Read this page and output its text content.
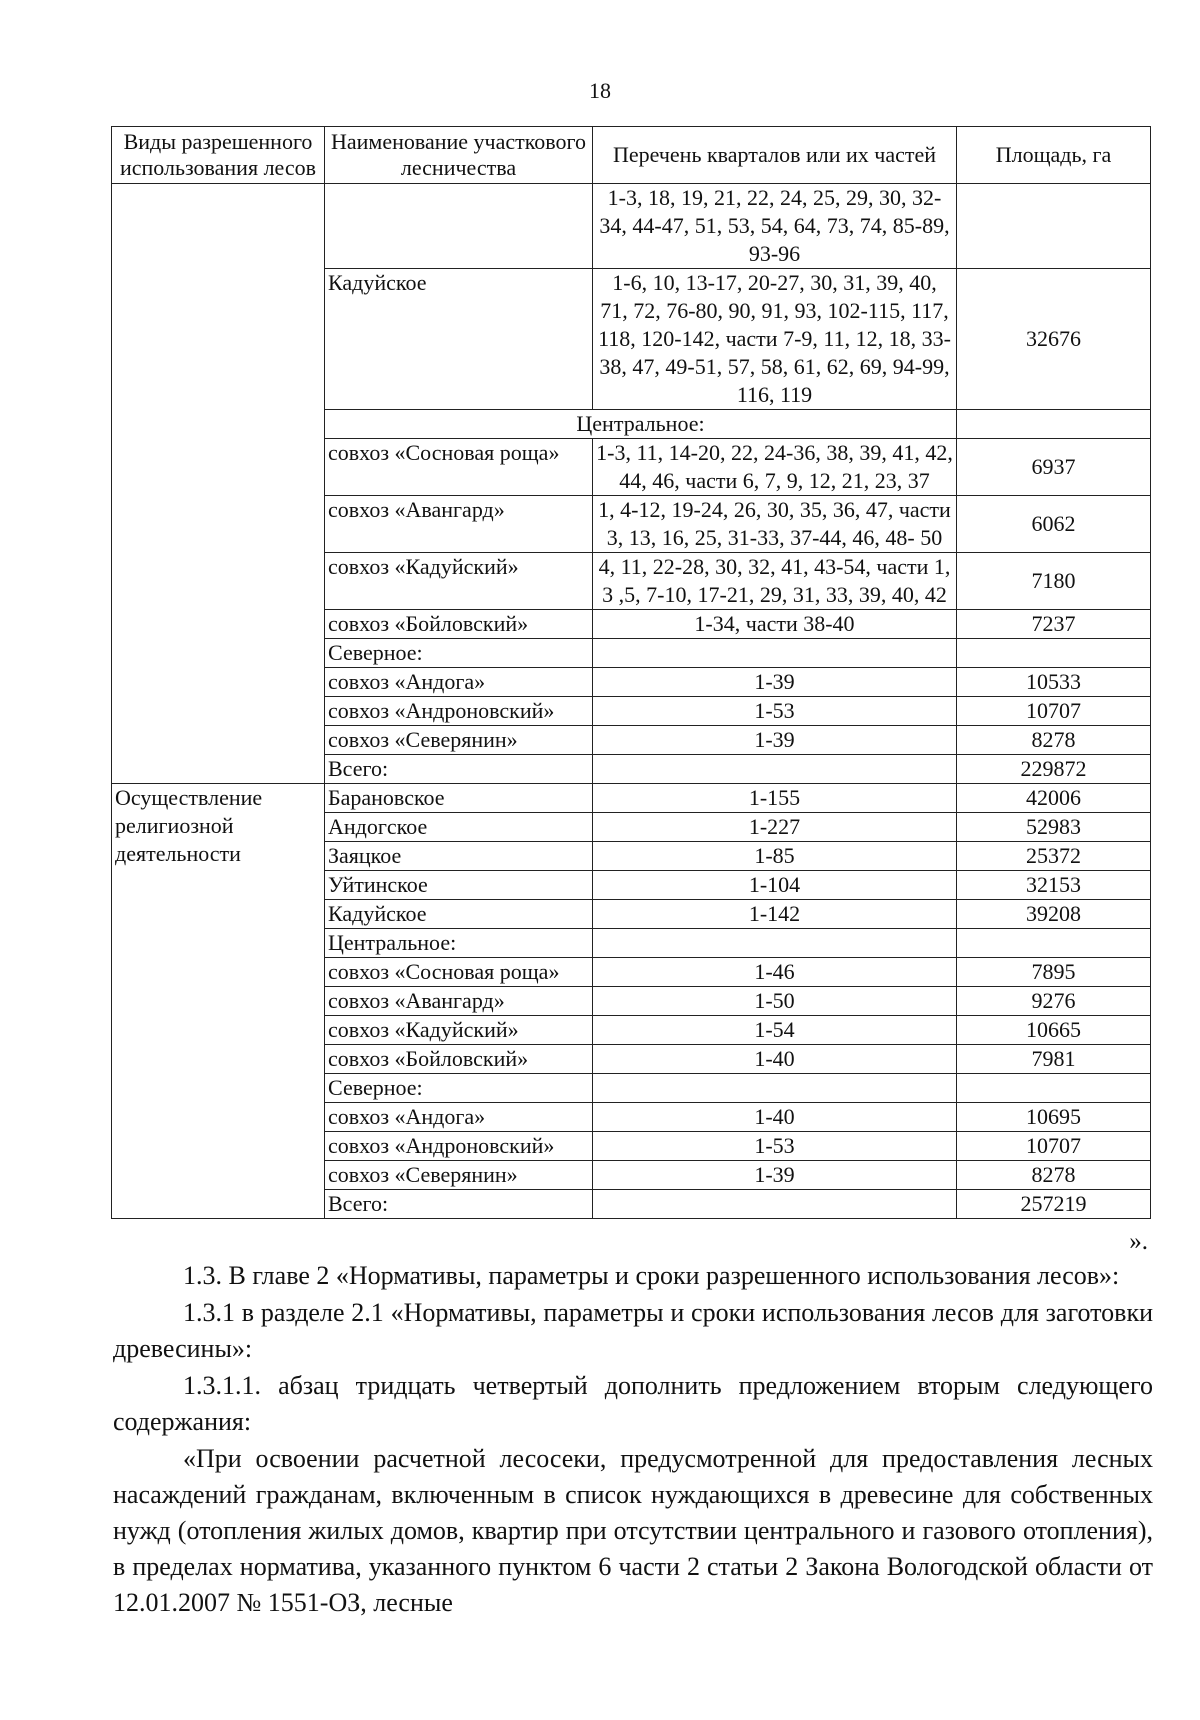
18
Виды разрешенного использования лесов	Наименование участкового лесничества	Перечень кварталов или их частей	Площадь, га
		1-3, 18, 19, 21, 22, 24, 25, 29, 30, 32-34, 44-47, 51, 53, 54, 64, 73, 74, 85-89, 93-96	
	Кадуйское	1-6, 10, 13-17, 20-27, 30, 31, 39, 40, 71, 72, 76-80, 90, 91, 93, 102-115, 117, 118, 120-142, части 7-9, 11, 12, 18, 33-38, 47, 49-51, 57, 58, 61, 62, 69, 94-99, 116, 119	32676
	Центральное:		
	совхоз «Сосновая роща»	1-3, 11, 14-20, 22, 24-36, 38, 39, 41, 42, 44, 46, части 6, 7, 9, 12, 21, 23, 37	6937
	совхоз «Авангард»	1, 4-12, 19-24, 26, 30, 35, 36, 47, части 3, 13, 16, 25, 31-33, 37-44, 46, 48- 50	6062
	совхоз «Кадуйский»	4, 11, 22-28, 30, 32, 41, 43-54, части 1, 3 ,5, 7-10, 17-21, 29, 31, 33, 39, 40, 42	7180
	совхоз «Бойловский»	1-34, части 38-40	7237
	Северное:		
	совхоз «Андога»	1-39	10533
	совхоз «Андроновский»	1-53	10707
	совхоз «Северянин»	1-39	8278
	Всего:		229872
Осуществление религиозной деятельности	Барановское	1-155	42006
	Андогское	1-227	52983
	Заяцкое	1-85	25372
	Уйтинское	1-104	32153
	Кадуйское	1-142	39208
	Центральное:		
	совхоз «Сосновая роща»	1-46	7895
	совхоз «Авангард»	1-50	9276
	совхоз «Кадуйский»	1-54	10665
	совхоз «Бойловский»	1-40	7981
	Северное:		
	совхоз «Андога»	1-40	10695
	совхоз «Андроновский»	1-53	10707
	совхоз «Северянин»	1-39	8278
	Всего:		257219
».

1.3. В главе 2 «Нормативы, параметры и сроки разрешенного использования лесов»:

1.3.1 в разделе 2.1 «Нормативы, параметры и сроки использования лесов для заготовки древесины»:

1.3.1.1. абзац тридцать четвертый дополнить предложением вторым следующего содержания:

«При освоении расчетной лесосеки, предусмотренной для предоставления лесных насаждений гражданам, включенным в список нуждающихся в древесине для собственных нужд (отопления жилых домов, квартир при отсутствии центрального и газового отопления), в пределах норматива, указанного пунктом 6 части 2 статьи 2 Закона Вологодской области от 12.01.2007 № 1551-ОЗ, лесные
